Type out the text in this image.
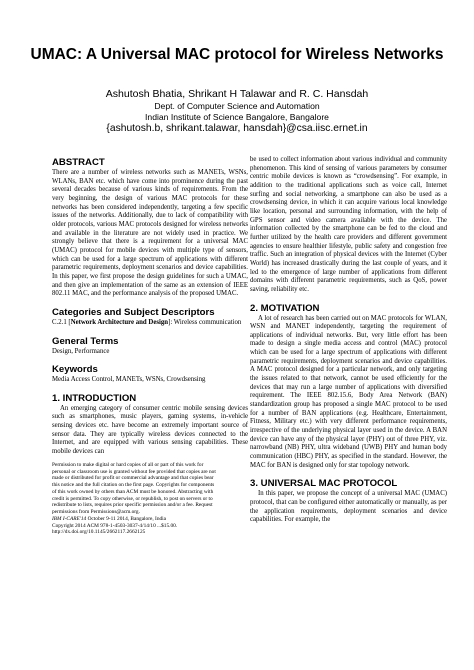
UMAC: A Universal MAC protocol for Wireless Networks
Ashutosh Bhatia, Shrikant H Talawar and R. C. Hansdah
Dept. of Computer Science and Automation
Indian Institute of Science Bangalore, Bangalore
{ashutosh.b, shrikant.talawar, hansdah}@csa.iisc.ernet.in
ABSTRACT

There are a number of wireless networks such as MANETs, WSNs, WLANs, BAN etc. which have come into prominence during the past several decades because of various kinds of requirements. From the very beginning, the design of various MAC protocols for these networks has been considered independently, targeting a few specific issues of the networks. Additionally, due to lack of compatibility with older protocols, various MAC protocols designed for wireless networks and available in the literature are not widely used in practice. We strongly believe that there is a requirement for a universal MAC (UMAC) protocol for mobile devices with multiple type of sensors, which can be used for a large spectrum of applications with different parametric requirements, deployment scenarios and device capabilities. In this paper, we first propose the design guidelines for such a UMAC, and then give an implementation of the same as an extension of IEEE 802.11 MAC, and the performance analysis of the proposed UMAC.

Categories and Subject Descriptors

C.2.1 [Network Architecture and Design]: Wireless communication

General Terms

Design, Performance

Keywords

Media Access Control, MANETs, WSNs, Crowdsensing

1. INTRODUCTION

An emerging category of consumer centric mobile sensing devices such as smartphones, music players, gaming systems, in-vehicle sensing devices etc. have become an extremely important source of sensor data. They are typically wireless devices connected to the Internet, and are equipped with various sensing capabilities. These mobile devices can

Permission to make digital or hard copies of all or part of this work for
personal or classroom use is granted without fee provided that copies are not
made or distributed for profit or commercial advantage and that copies bear
this notice and the full citation on the first page. Copyrights for components
of this work owned by others than ACM must be honored. Abstracting with
credit is permitted. To copy otherwise, or republish, to post on servers or to
redistribute to lists, requires prior specific permission and/or a fee. Request
permissions from Permissions@acm.org.
IBM I-CARE'14 October 9-11 2014, Bangalore, India
Copyright 2014 ACM 978-1-4503-3037-4/14/10 ...$15.00.
http://dx.doi.org/10.1145/2662117.2662125

be used to collect information about various individual and community phenomenon. This kind of sensing of various parameters by consumer centric mobile devices is known as “crowdsensing”. For example, in addition to the traditional applications such as voice call, Internet surfing and social networking, a smartphone can also be used as a crowdsensing device, in which it can acquire various local knowledge like location, personal and surrounding information, with the help of GPS sensor and video camera available with the device. The information collected by the smartphone can be fed to the cloud and further utilized by the health care providers and different government agencies to ensure healthier lifestyle, public safety and congestion free traffic. Such an integration of physical devices with the Internet (Cyber World) has increased drastically during the last couple of years, and it led to the emergence of large number of applications from different domains with different parametric requirements, such as QoS, power saving, reliability etc.

2. MOTIVATION

A lot of research has been carried out on MAC protocols for WLAN, WSN and MANET independently, targeting the requirement of applications of individual networks. But, very little effort has been made to design a single media access and control (MAC) protocol which can be used for a large spectrum of applications with different parametric requirements, deployment scenarios and device capabilities. A MAC protocol designed for a particular network, and only targeting the issues related to that network, cannot be used efficiently for the devices that may run a large number of applications with diversified requirement. The IEEE 802.15.6, Body Area Network (BAN) standardization group has proposed a single MAC protocol to be used for a number of BAN applications (e.g. Healthcare, Entertainment, Fitness, Military etc.) with very different performance requirements, irrespective of the underlying physical layer used in the device. A BAN device can have any of the physical layer (PHY) out of three PHY, viz. narrowband (NB) PHY, ultra wideband (UWB) PHY and human body communication (HBC) PHY, as specified in the standard. However, the MAC for BAN is designed only for star topology network.

3. UNIVERSAL MAC PROTOCOL

In this paper, we propose the concept of a universal MAC (UMAC) protocol, that can be configured either automatically or manually, as per the application requirements, deployment scenarios and device capabilities. For example, the
